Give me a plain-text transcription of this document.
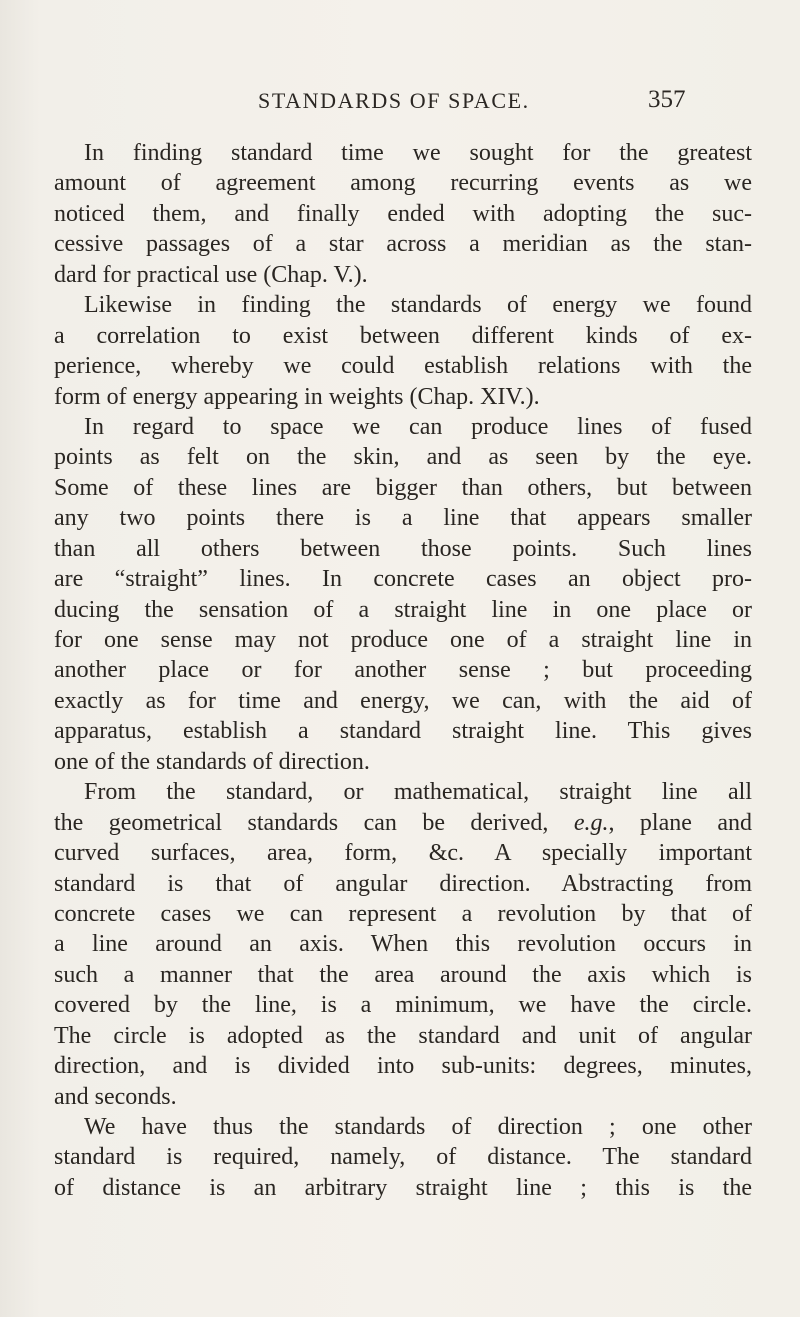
STANDARDS OF SPACE.	357
In finding standard time we sought for the greatest
amount of agreement among recurring events as we
noticed them, and finally ended with adopting the suc-
cessive passages of a star across a meridian as the stan-
dard for practical use (Chap. V.).
Likewise in finding the standards of energy we found
a correlation to exist between different kinds of ex-
perience, whereby we could establish relations with the
form of energy appearing in weights (Chap. XIV.).
In regard to space we can produce lines of fused
points as felt on the skin, and as seen by the eye.
Some of these lines are bigger than others, but between
any two points there is a line that appears smaller
than all others between those points. Such lines
are “straight” lines. In concrete cases an object pro-
ducing the sensation of a straight line in one place or
for one sense may not produce one of a straight line in
another place or for another sense ; but proceeding
exactly as for time and energy, we can, with the aid of
apparatus, establish a standard straight line. This gives
one of the standards of direction.
From the standard, or mathematical, straight line all
the geometrical standards can be derived, e.g., plane and
curved surfaces, area, form, &c. A specially important
standard is that of angular direction. Abstracting from
concrete cases we can represent a revolution by that of
a line around an axis. When this revolution occurs in
such a manner that the area around the axis which is
covered by the line, is a minimum, we have the circle.
The circle is adopted as the standard and unit of angular
direction, and is divided into sub-units: degrees, minutes,
and seconds.
We have thus the standards of direction ; one other
standard is required, namely, of distance. The standard
of distance is an arbitrary straight line ; this is the
